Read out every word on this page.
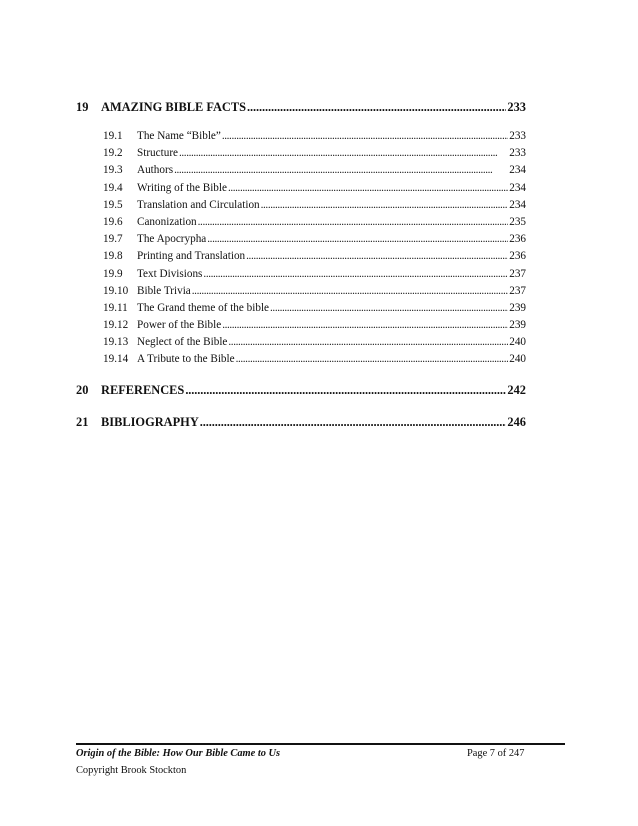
19	AMAZING BIBLE FACTS . . .	233
19.1	The Name “Bible” . . .	233
19.2	Structure . . .	233
19.3	Authors . . .	234
19.4	Writing of the Bible . . .	234
19.5	Translation and Circulation . . .	234
19.6	Canonization . . .	235
19.7	The Apocrypha . . .	236
19.8	Printing and Translation . . .	236
19.9	Text Divisions . . .	237
19.10 Bible Trivia . . .	237
19.11 The Grand theme of the bible . . .	239
19.12 Power of the Bible . . .	239
19.13 Neglect of the Bible . . .	240
19.14 A Tribute to the Bible . . .	240
20	REFERENCES . . .	242
21	BIBLIOGRAPHY . . .	246
Origin of the Bible: How Our Bible Came to Us	Page 7 of 247
Copyright Brook Stockton
